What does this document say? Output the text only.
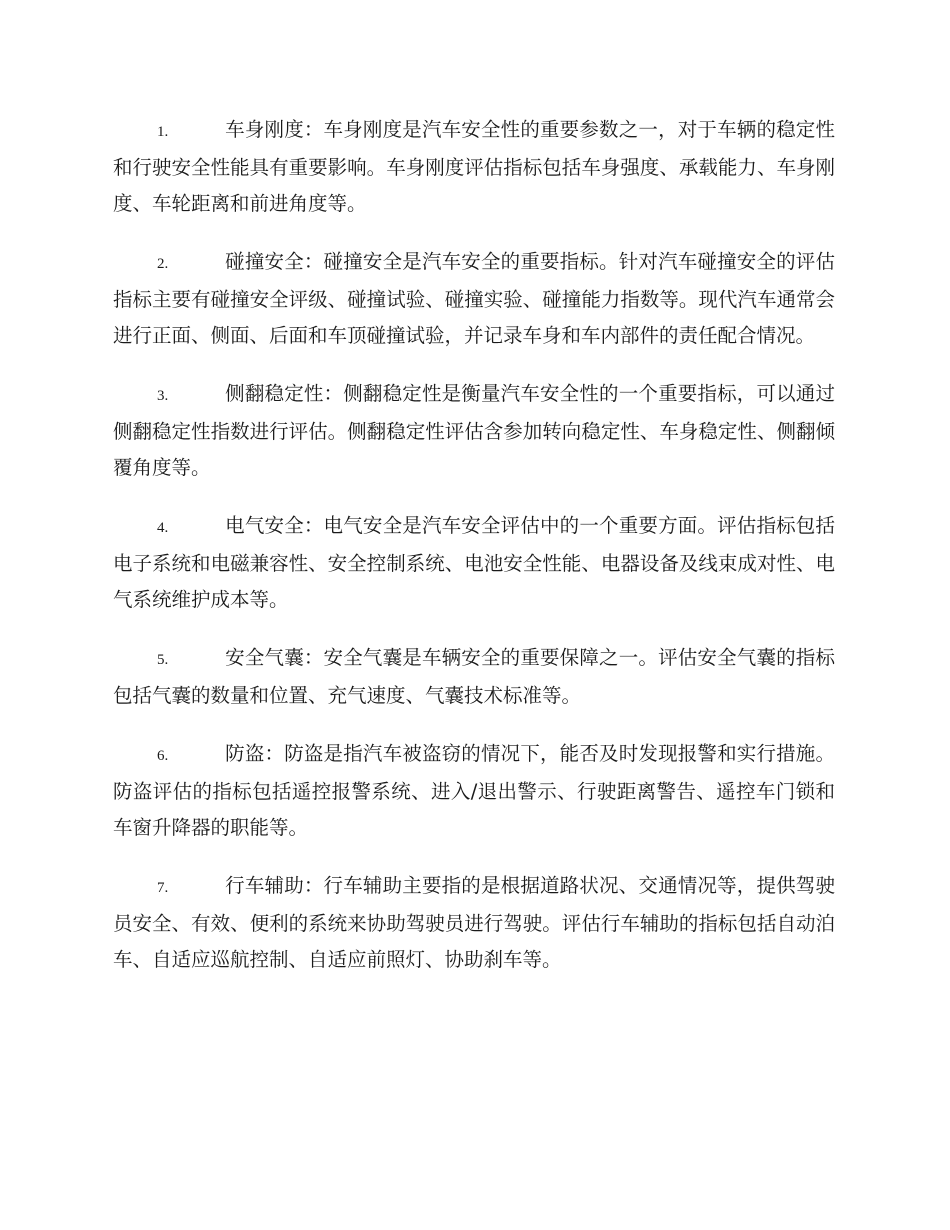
1.	车身刚度：车身刚度是汽车安全性的重要参数之一，对于车辆的稳定性和行驶安全性能具有重要影响。车身刚度评估指标包括车身强度、承载能力、车身刚度、车轮距离和前进角度等。

2.	碰撞安全：碰撞安全是汽车安全的重要指标。针对汽车碰撞安全的评估指标主要有碰撞安全评级、碰撞试验、碰撞实验、碰撞能力指数等。现代汽车通常会进行正面、侧面、后面和车顶碰撞试验，并记录车身和车内部件的责任配合情况。

3.	侧翻稳定性：侧翻稳定性是衡量汽车安全性的一个重要指标，可以通过侧翻稳定性指数进行评估。侧翻稳定性评估含参加转向稳定性、车身稳定性、侧翻倾覆角度等。

4.	电气安全：电气安全是汽车安全评估中的一个重要方面。评估指标包括电子系统和电磁兼容性、安全控制系统、电池安全性能、电器设备及线束成对性、电气系统维护成本等。

5.	安全气囊：安全气囊是车辆安全的重要保障之一。评估安全气囊的指标包括气囊的数量和位置、充气速度、气囊技术标准等。

6.	防盗：防盗是指汽车被盗窃的情况下，能否及时发现报警和实行措施。防盗评估的指标包括遥控报警系统、进入/退出警示、行驶距离警告、遥控车门锁和车窗升降器的职能等。

7.	行车辅助：行车辅助主要指的是根据道路状况、交通情况等，提供驾驶员安全、有效、便利的系统来协助驾驶员进行驾驶。评估行车辅助的指标包括自动泊车、自适应巡航控制、自适应前照灯、协助刹车等。
